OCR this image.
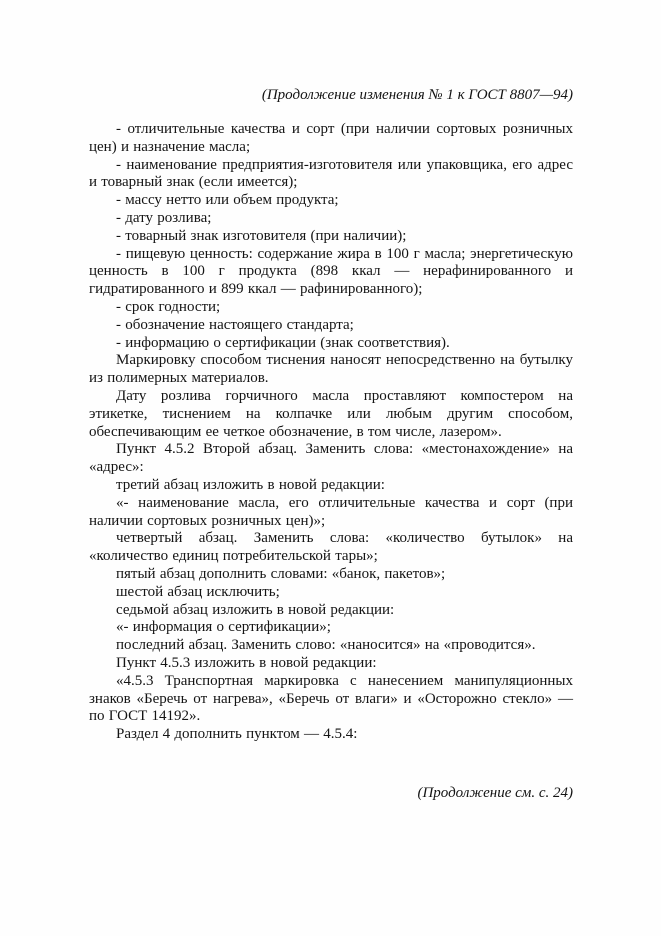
(Продолжение изменения № 1 к ГОСТ 8807—94)

- отличительные качества и сорт (при наличии сортовых розничных цен) и назначение масла;

- наименование предприятия-изготовителя или упаковщика, его адрес и товарный знак (если имеется);

- массу нетто или объем продукта;

- дату розлива;

- товарный знак изготовителя (при наличии);

- пищевую ценность: содержание жира в 100 г масла; энергетическую ценность в 100 г продукта (898 ккал — нерафинированного и гидратированного и 899 ккал — рафинированного);

- срок годности;

- обозначение настоящего стандарта;

- информацию о сертификации (знак соответствия).

Маркировку способом тиснения наносят непосредственно на бутылку из полимерных материалов.

Дату розлива горчичного масла проставляют компостером на этикетке, тиснением на колпачке или любым другим способом, обеспечивающим ее четкое обозначение, в том числе, лазером».

Пункт 4.5.2 Второй абзац. Заменить слова: «местонахождение» на «адрес»:

третий абзац изложить в новой редакции:

«- наименование масла, его отличительные качества и сорт (при наличии сортовых розничных цен)»;

четвертый абзац. Заменить слова: «количество бутылок» на «количество единиц потребительской тары»;

пятый абзац дополнить словами: «банок, пакетов»;

шестой абзац исключить;

седьмой абзац изложить в новой редакции:

«- информация о сертификации»;

последний абзац. Заменить слово: «наносится» на «проводится».

Пункт 4.5.3 изложить в новой редакции:

«4.5.3 Транспортная маркировка с нанесением манипуляционных знаков «Беречь от нагрева», «Беречь от влаги» и «Осторожно стекло» — по ГОСТ 14192».

Раздел 4 дополнить пунктом — 4.5.4:

(Продолжение см. с. 24)
